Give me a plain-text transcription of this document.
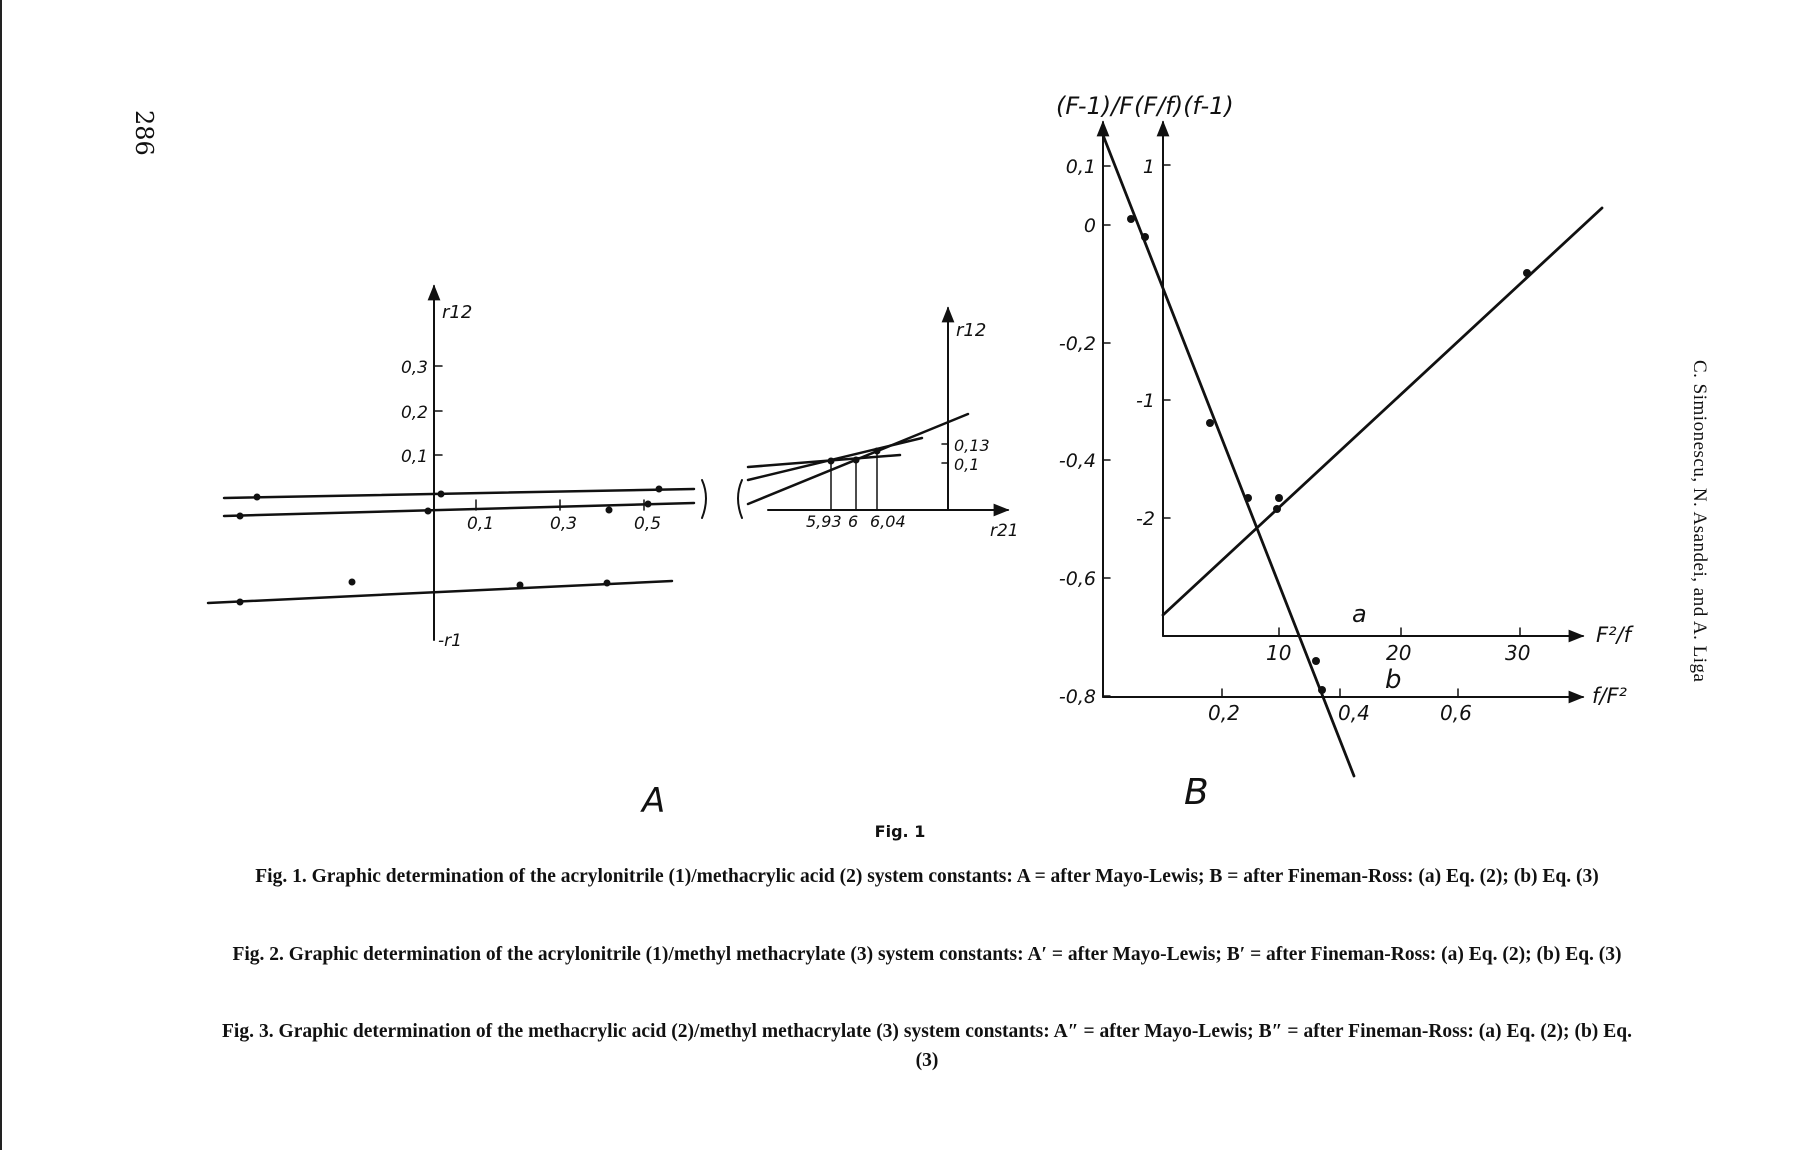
286
C. Simionescu, N. Asandei, and A. Liga
r12
0,3
0,2
0,1
0,1	0,3	0,5
-r1
r12
r21
0,13
0,1
5,93 6 6,04
A
(F-1)/F (F/f)(f-1)
0,1
0
-0,2
-0,4
-0,6
-0,8
1
-1
-2
F²/f
f/F²
10	20	30
0,2	0,4	0,6
a
b
B
Fig. 1
Fig. 1. Graphic determination of the acrylonitrile (1)/methacrylic acid (2) system constants: A = after Mayo-Lewis; B = after Fineman-Ross: (a) Eq. (2); (b) Eq. (3)
Fig. 2. Graphic determination of the acrylonitrile (1)/methyl methacrylate (3) system constants: A′ = after Mayo-Lewis; B′ = after Fineman-Ross: (a) Eq. (2); (b) Eq. (3)
Fig. 3. Graphic determination of the methacrylic acid (2)/methyl methacrylate (3) system constants: A″ = after Mayo-Lewis; B″ = after Fineman-Ross: (a) Eq. (2); (b) Eq. (3)
